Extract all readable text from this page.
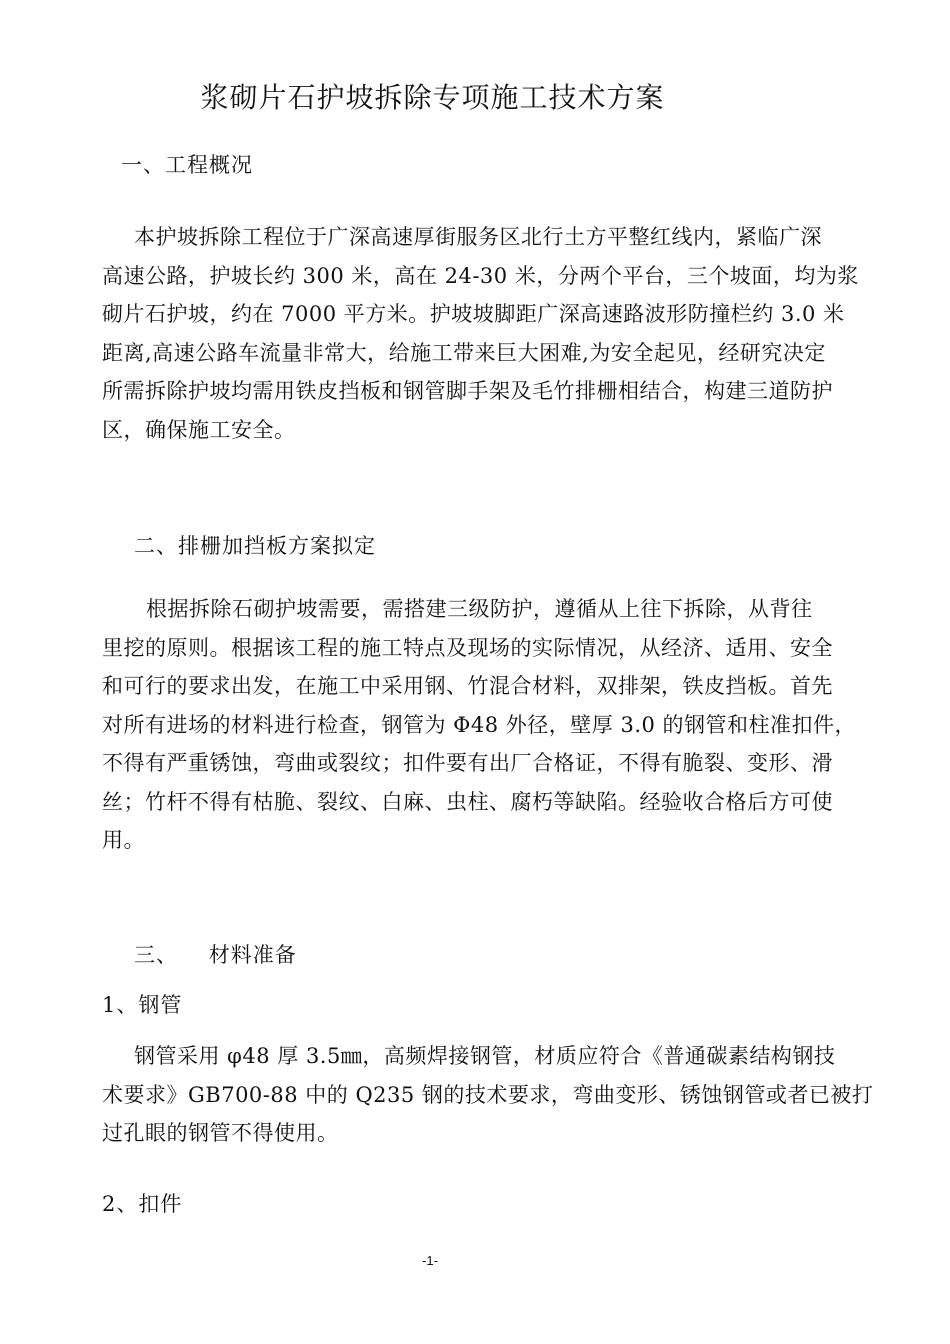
浆砌片石护坡拆除专项施工技术方案
一、工程概况
本护坡拆除工程位于广深高速厚街服务区北行土方平整红线内，紧临广深
高速公路，护坡长约 300 米，高在 24-30 米，分两个平台，三个坡面，均为浆
砌片石护坡，约在 7000 平方米。护坡坡脚距广深高速路波形防撞栏约 3.0 米
距离,高速公路车流量非常大，给施工带来巨大困难,为安全起见，经研究决定
所需拆除护坡均需用铁皮挡板和钢管脚手架及毛竹排栅相结合，构建三道防护
区，确保施工安全。
二、排栅加挡板方案拟定
根据拆除石砌护坡需要，需搭建三级防护，遵循从上往下拆除，从背往
里挖的原则。根据该工程的施工特点及现场的实际情况，从经济、适用、安全
和可行的要求出发，在施工中采用钢、竹混合材料，双排架，铁皮挡板。首先
对所有进场的材料进行检查，钢管为 Φ48 外径，壁厚 3.0 的钢管和柱准扣件，
不得有严重锈蚀，弯曲或裂纹；扣件要有出厂合格证，不得有脆裂、变形、滑
丝；竹杆不得有枯脆、裂纹、白麻、虫柱、腐朽等缺陷。经验收合格后方可使
用。
三、    材料准备
1、钢管
钢管采用 φ48 厚 3.5㎜，高频焊接钢管，材质应符合《普通碳素结构钢技
术要求》GB700-88 中的 Q235 钢的技术要求，弯曲变形、锈蚀钢管或者已被打
过孔眼的钢管不得使用。
2、扣件
-1-
